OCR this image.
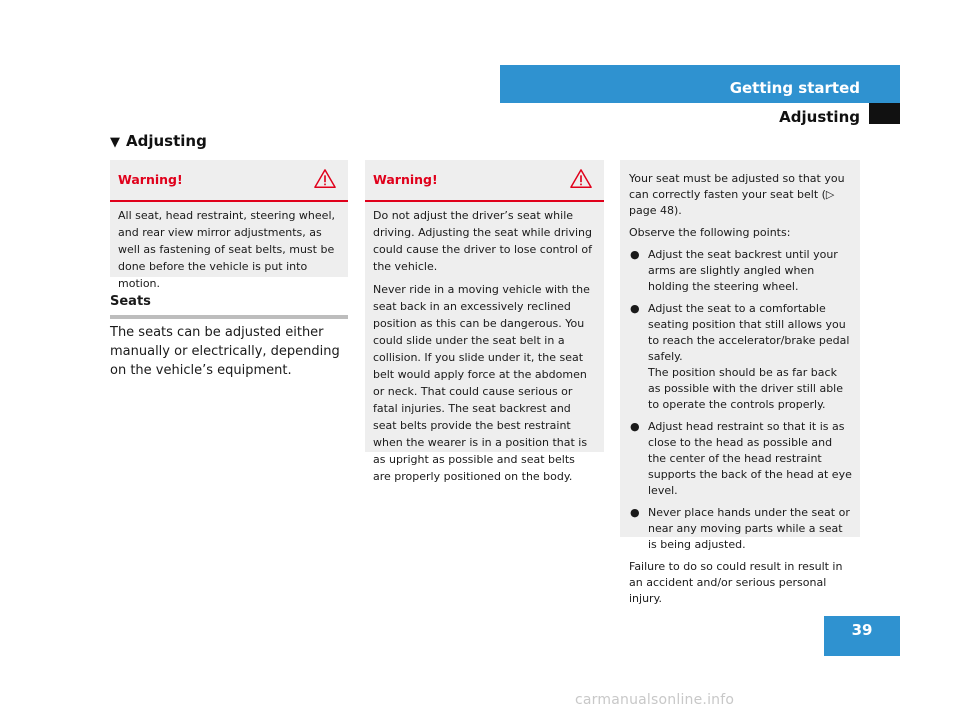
Getting started
Adjusting
▼ Adjusting
Warning!

All seat, head restraint, steering wheel, and rear view mirror adjustments, as well as fastening of seat belts, must be done before the vehicle is put into motion.

Seats

The seats can be adjusted either manually or electrically, depending on the vehicle’s equipment.

Warning!

Do not adjust the driver’s seat while driving. Adjusting the seat while driving could cause the driver to lose control of the vehicle.

Never ride in a moving vehicle with the seat back in an excessively reclined position as this can be dangerous. You could slide under the seat belt in a collision. If you slide under it, the seat belt would apply force at the abdomen or neck. That could cause serious or fatal injuries. The seat backrest and seat belts provide the best restraint when the wearer is in a position that is as upright as possible and seat belts are properly positioned on the body.

Your seat must be adjusted so that you can correctly fasten your seat belt (▷ page 48).

Observe the following points:

● Adjust the seat backrest until your arms are slightly angled when holding the steering wheel.
● Adjust the seat to a comfortable seating position that still allows you to reach the accelerator/brake pedal safely.
The position should be as far back as possible with the driver still able to operate the controls properly.
● Adjust head restraint so that it is as close to the head as possible and the center of the head restraint supports the back of the head at eye level.
● Never place hands under the seat or near any moving parts while a seat is being adjusted.

Failure to do so could result in result in an accident and/or serious personal injury.

39
carmanualsonline.info
